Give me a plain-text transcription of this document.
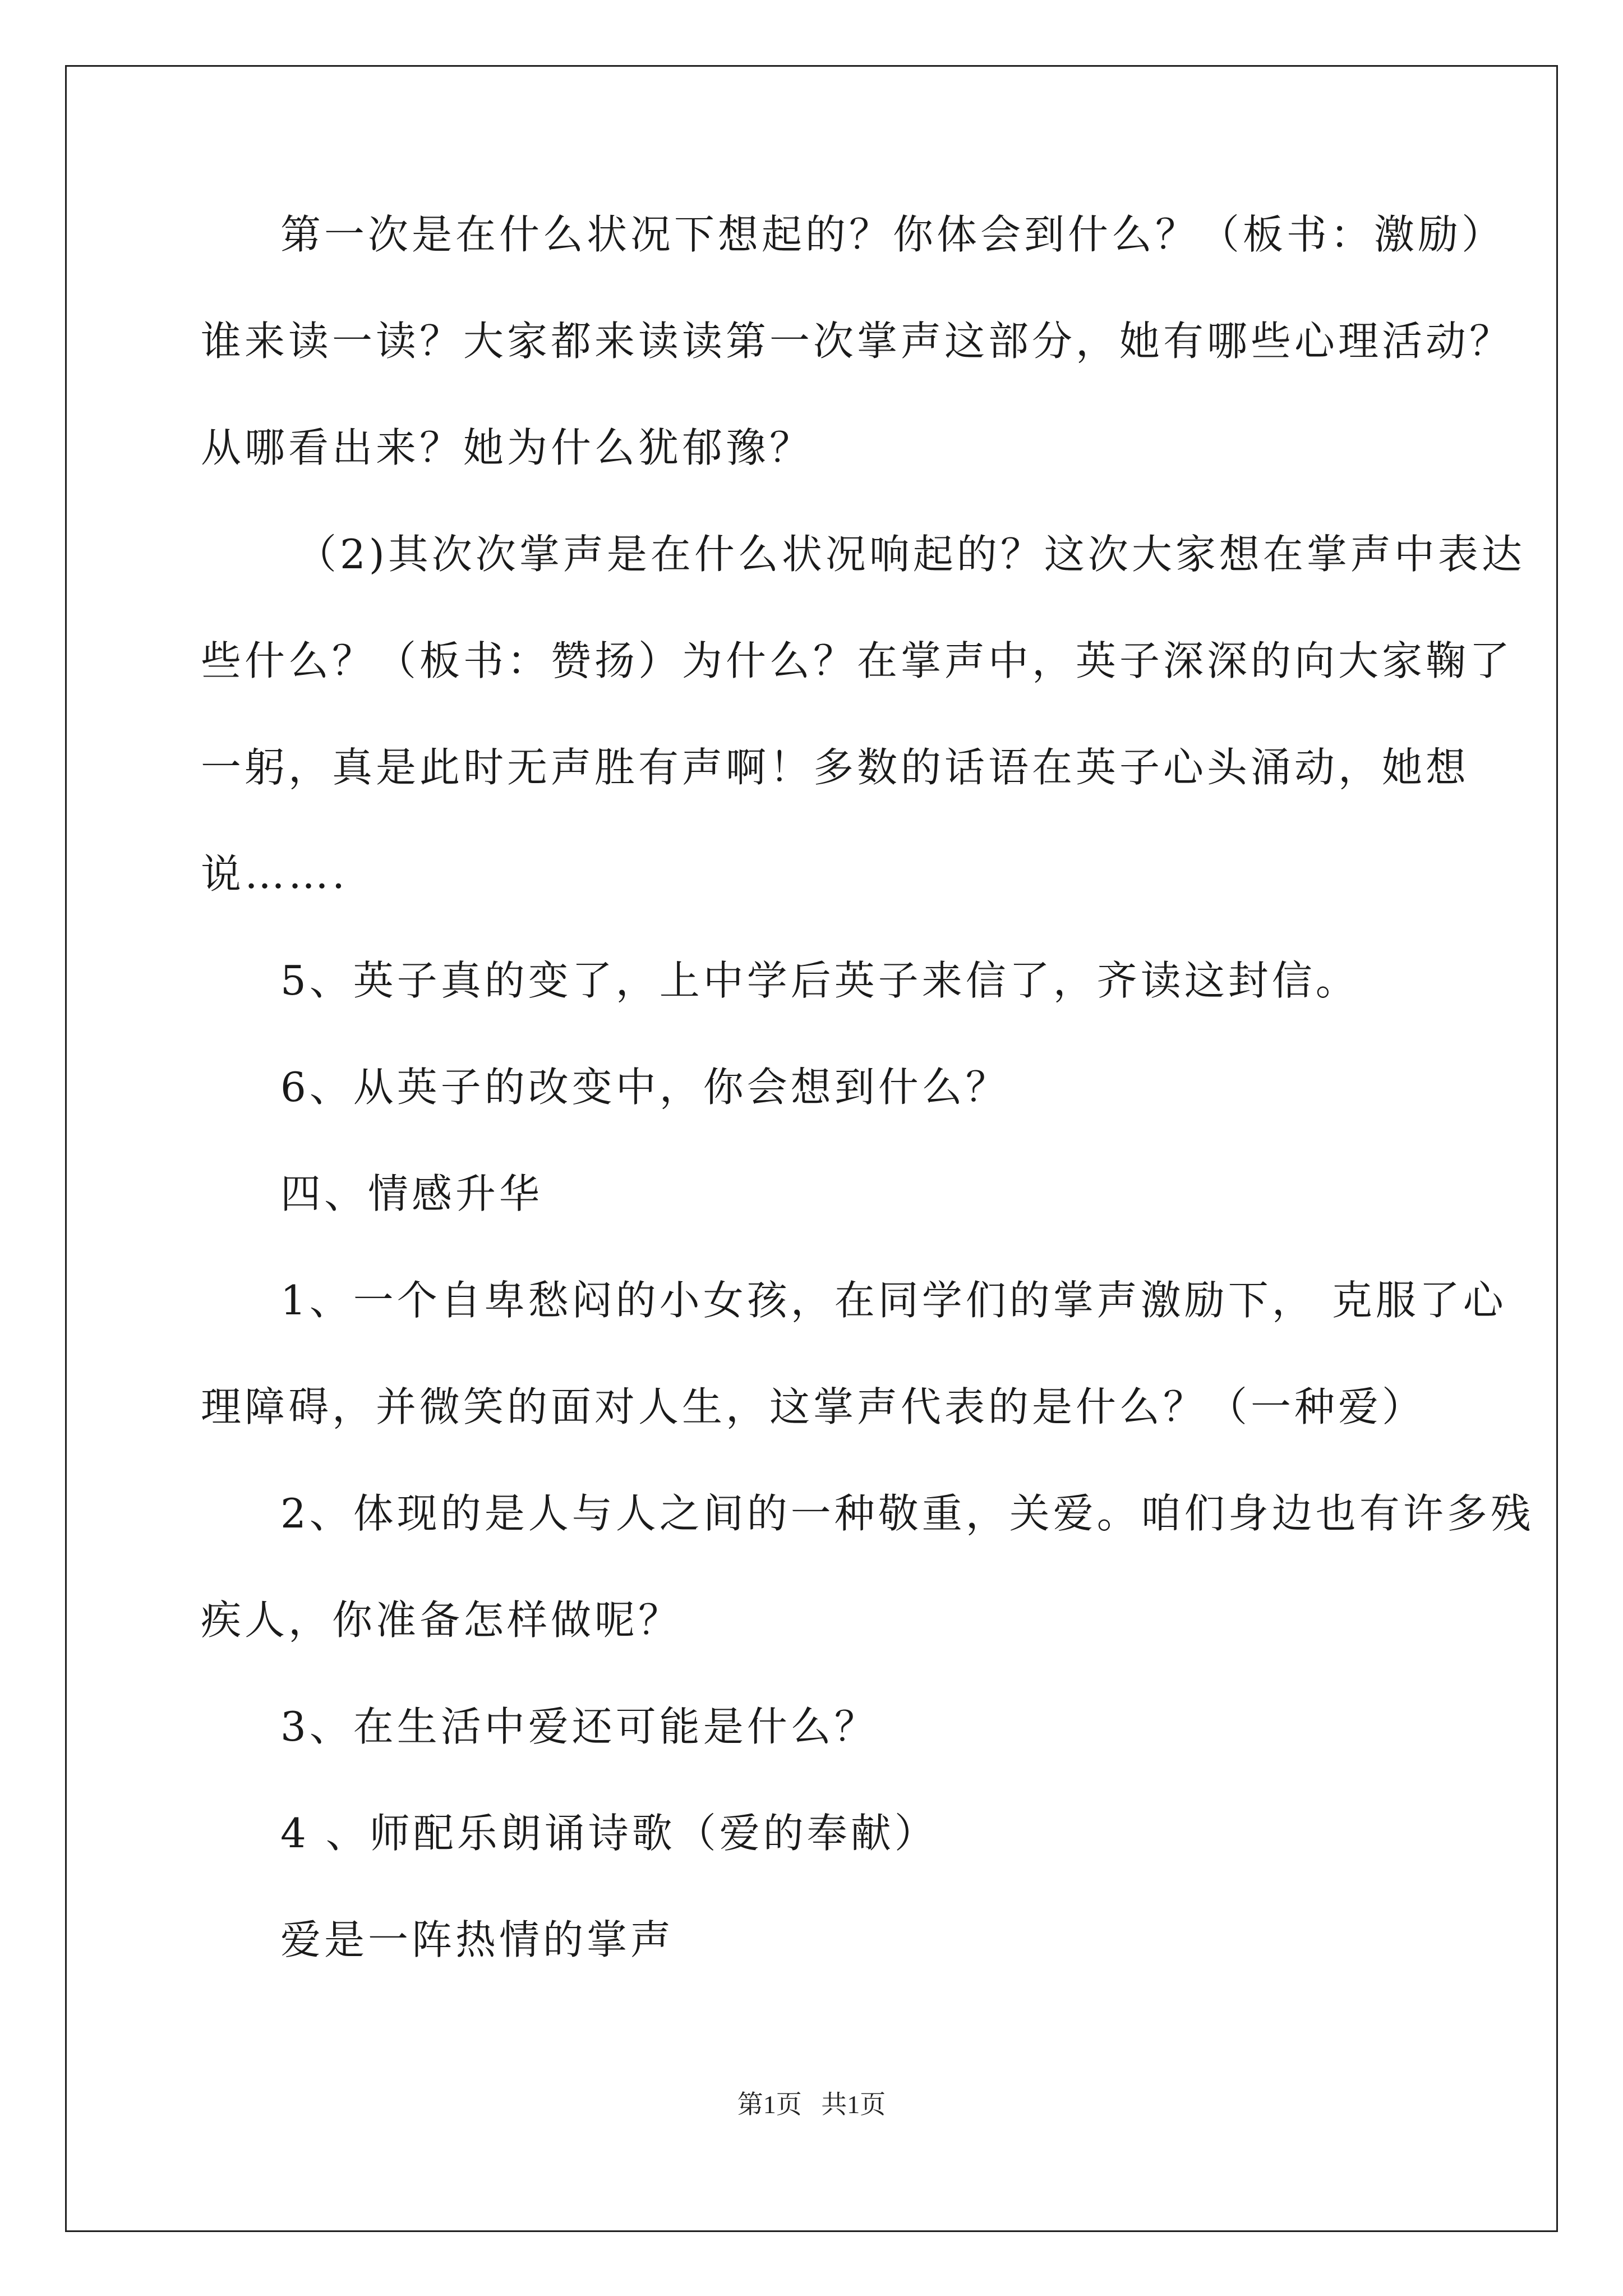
第一次是在什么状况下想起的？你体会到什么？（板书：激励）
谁来读一读？大家都来读读第一次掌声这部分，她有哪些心理活动？
从哪看出来？她为什么犹郁豫？
（2)其次次掌声是在什么状况响起的？这次大家想在掌声中表达
些什么？（板书：赞扬）为什么？在掌声中，英子深深的向大家鞠了
一躬，真是此时无声胜有声啊！多数的话语在英子心头涌动，她想
说…….
5、英子真的变了，上中学后英子来信了，齐读这封信。
6、从英子的改变中，你会想到什么？
四、情感升华
1、一个自卑愁闷的小女孩，在同学们的掌声激励下， 克服了心
理障碍，并微笑的面对人生，这掌声代表的是什么？（一种爱）
2、体现的是人与人之间的一种敬重，关爱。咱们身边也有许多残
疾人，你准备怎样做呢？
3、在生活中爱还可能是什么？
4 、师配乐朗诵诗歌（爱的奉献）
爱是一阵热情的掌声
第1页   共1页
